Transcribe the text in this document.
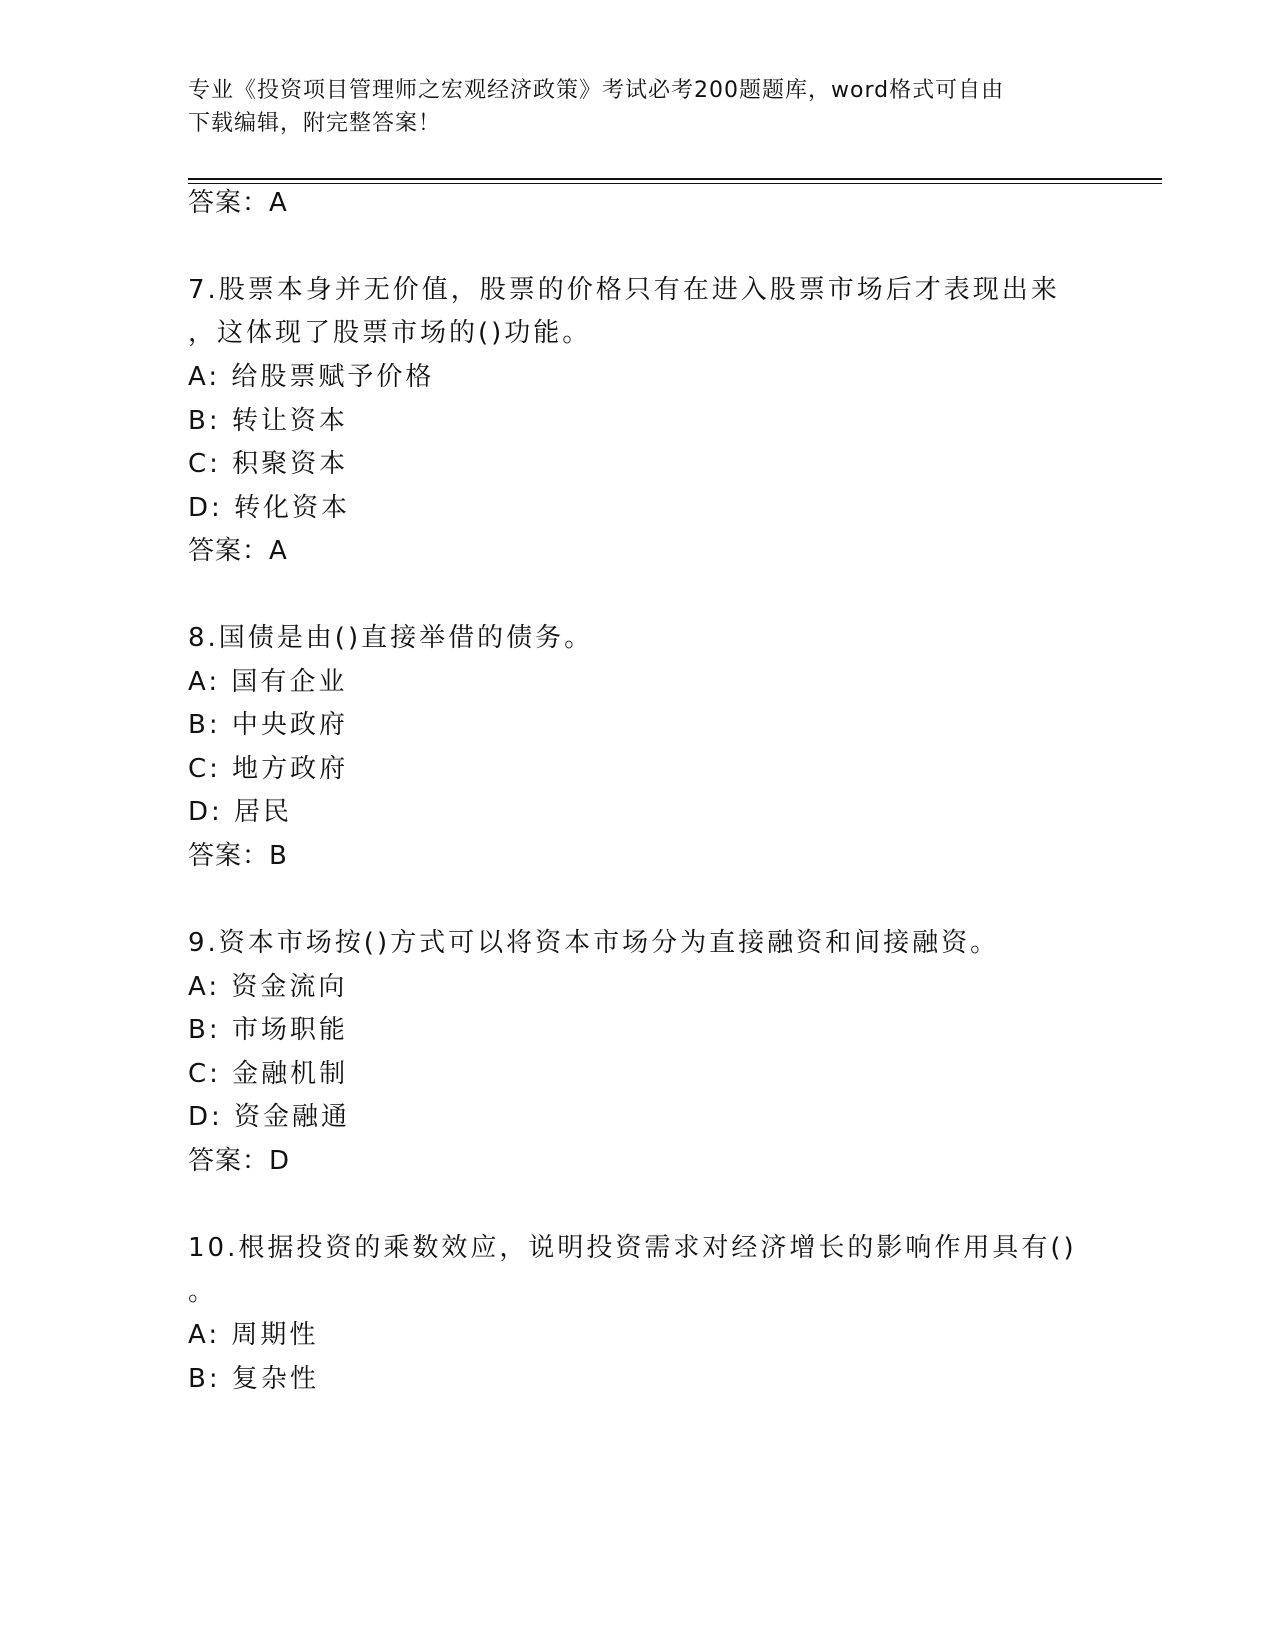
专业《投资项目管理师之宏观经济政策》考试必考200题题库，word格式可自由
下载编辑，附完整答案！
答案：A
7.股票本身并无价值，股票的价格只有在进入股票市场后才表现出来
，这体现了股票市场的()功能。
A: 给股票赋予价格
B: 转让资本
C: 积聚资本
D: 转化资本
答案：A
8.国债是由()直接举借的债务。
A: 国有企业
B: 中央政府
C: 地方政府
D: 居民
答案：B
9.资本市场按()方式可以将资本市场分为直接融资和间接融资。
A: 资金流向
B: 市场职能
C: 金融机制
D: 资金融通
答案：D
10.根据投资的乘数效应，说明投资需求对经济增长的影响作用具有()
。
A: 周期性
B: 复杂性
